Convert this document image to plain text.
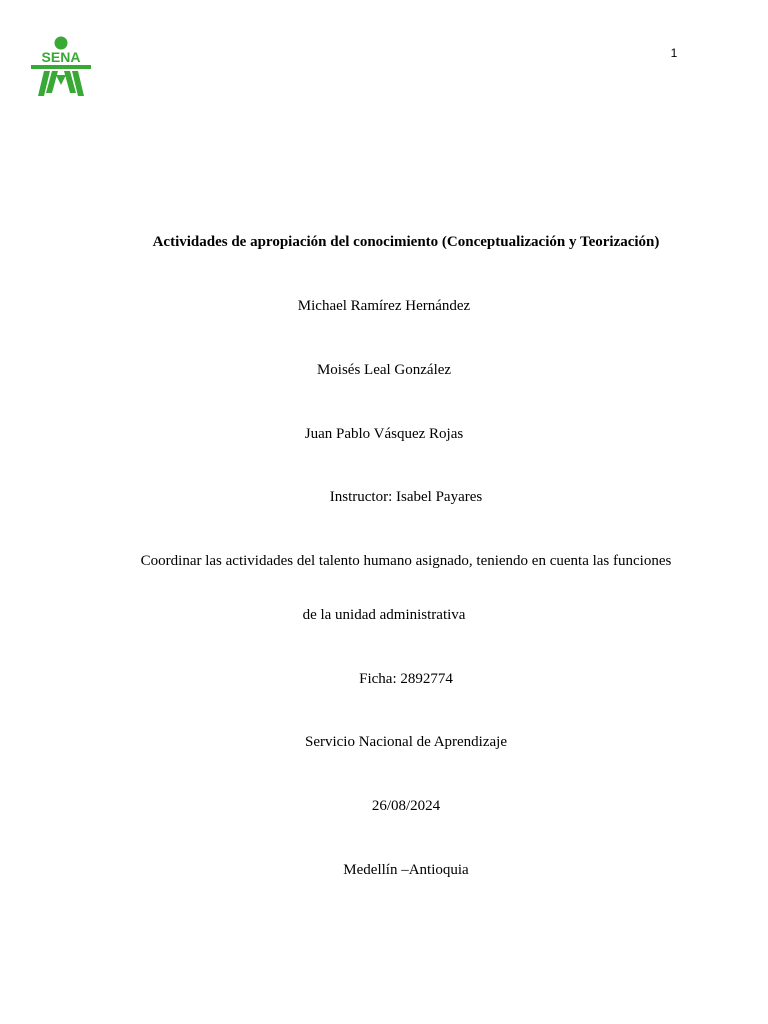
SENA	1
Actividades de apropiación del conocimiento (Conceptualización y Teorización)
Michael Ramírez Hernández
Moisés Leal González
Juan Pablo Vásquez Rojas
Instructor: Isabel Payares
Coordinar las actividades del talento humano asignado, teniendo en cuenta las funciones
de la unidad administrativa
Ficha: 2892774
Servicio Nacional de Aprendizaje
26/08/2024
Medellín –Antioquia
